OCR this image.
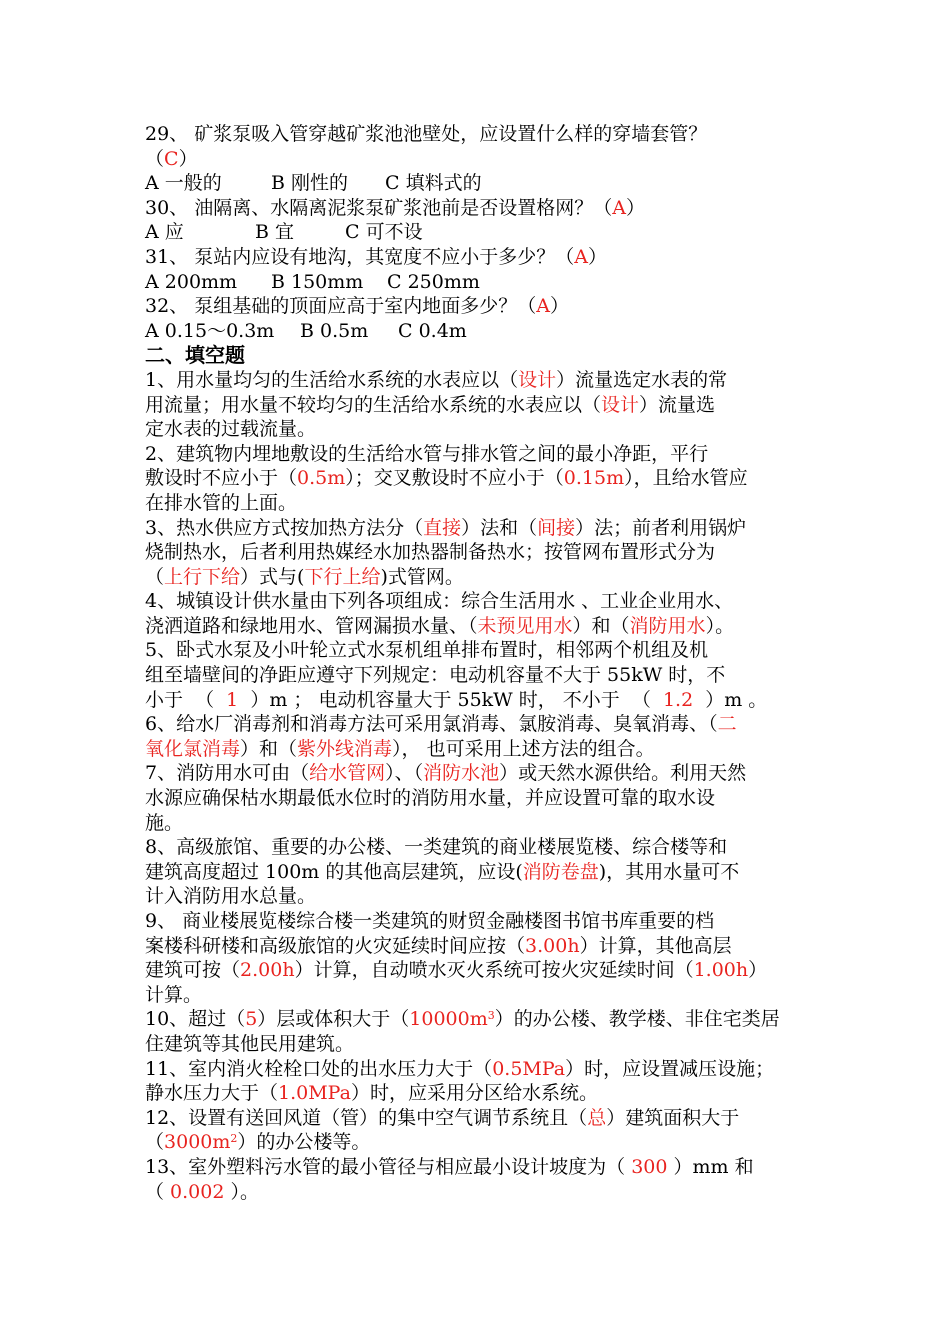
29、 矿浆泵吸入管穿越矿浆池池壁处，应设置什么样的穿墙套管？
（C）
A 一般的	B 刚性的 C 填料式的
30、 油隔离、水隔离泥浆泵矿浆池前是否设置格网？（A）
A 应	B 宜	C 可不设
31、 泵站内应设有地沟，其宽度不应小于多少？（A）
A 200mm B 150mm C 250mm
32、 泵组基础的顶面应高于室内地面多少？（A）
A 0.15～0.3m B 0.5m C 0.4m
二、填空题
1、用水量均匀的生活给水系统的水表应以（设计）流量选定水表的常
用流量；用水量不较均匀的生活给水系统的水表应以（设计）流量选
定水表的过载流量。
2、建筑物内埋地敷设的生活给水管与排水管之间的最小净距，平行
敷设时不应小于（0.5m）；交叉敷设时不应小于（0.15m），且给水管应
在排水管的上面。
3、热水供应方式按加热方法分（直接）法和（间接）法；前者利用锅炉
烧制热水，后者利用热媒经水加热器制备热水；按管网布置形式分为
（上行下给）式与(下行上给)式管网。
4、城镇设计供水量由下列各项组成：综合生活用水 、工业企业用水、
浇洒道路和绿地用水、管网漏损水量、（未预见用水）和（消防用水）。
5、卧式水泵及小叶轮立式水泵机组单排布置时，相邻两个机组及机
组至墙壁间的净距应遵守下列规定：电动机容量不大于 55kW 时，不
小于  （  1  ）m ； 电动机容量大于 55kW 时， 不小于  （  1.2  ）m 。
6、给水厂消毒剂和消毒方法可采用氯消毒、氯胺消毒、臭氧消毒、（二
氧化氯消毒）和（紫外线消毒）， 也可采用上述方法的组合。
7、消防用水可由（给水管网）、（消防水池）或天然水源供给。利用天然
水源应确保枯水期最低水位时的消防用水量，并应设置可靠的取水设
施。
8、高级旅馆、重要的办公楼、一类建筑的商业楼展览楼、综合楼等和
建筑高度超过 100m 的其他高层建筑，应设(消防卷盘)，其用水量可不
计入消防用水总量。
9、 商业楼展览楼综合楼一类建筑的财贸金融楼图书馆书库重要的档
案楼科研楼和高级旅馆的火灾延续时间应按（3.00h）计算，其他高层
建筑可按（2.00h）计算，自动喷水灭火系统可按火灾延续时间（1.00h）
计算。
10、超过（5）层或体积大于$(10000m^3)$的办公楼、教学楼、非住宅类居
住建筑等其他民用建筑。
11、室内消火栓栓口处的出水压力大于（0.5MPa）时，应设置减压设施；
静水压力大于（1.0MPa）时，应采用分区给水系统。
12、设置有送回风道（管）的集中空气调节系统且（总）建筑面积大于
$(3000m^2)$的办公楼等。
13、室外塑料污水管的最小管径与相应最小设计坡度为（ 300 ）mm 和
（ 0.002 ）。
